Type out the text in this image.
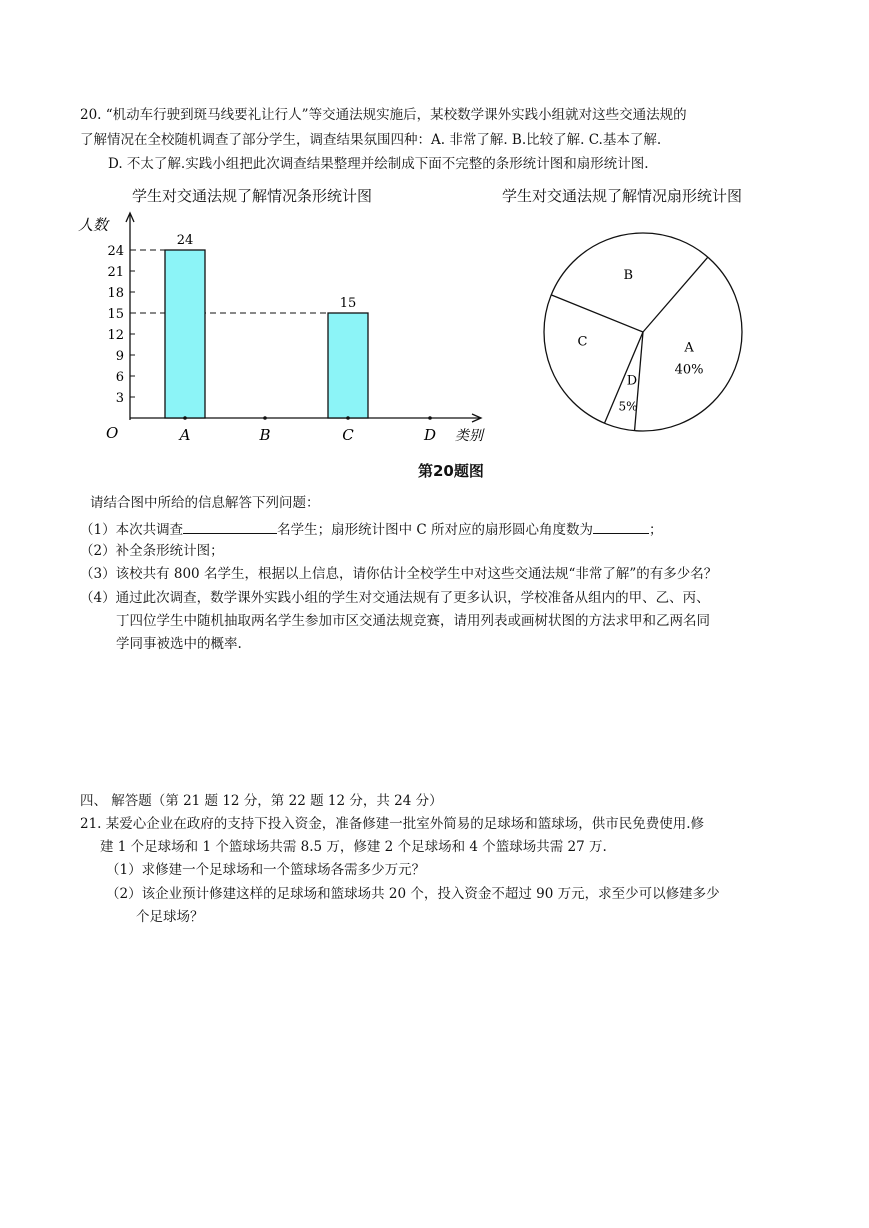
20. “机动车行驶到斑马线要礼让行人”等交通法规实施后，某校数学课外实践小组就对这些交通法规的
了解情况在全校随机调查了部分学生，调查结果氛围四种：A. 非常了解. B.比较了解. C.基本了解.
D. 不太了解.实践小组把此次调查结果整理并绘制成下面不完整的条形统计图和扇形统计图.
学生对交通法规了解情况条形统计图	学生对交通法规了解情况扇形统计图
人数
O	类别
3
6
9
12
15
18
21
24
24
A	B
15
C	D
A
40%
B
C
D
5%
第20题图
请结合图中所给的信息解答下列问题：
（1）本次共调查	名学生；扇形统计图中 C 所对应的扇形圆心角度数为	；
（2）补全条形统计图；
（3）该校共有 800 名学生，根据以上信息，请你估计全校学生中对这些交通法规“非常了解”的有多少名？
（4）通过此次调查，数学课外实践小组的学生对交通法规有了更多认识，学校准备从组内的甲、乙、丙、
丁四位学生中随机抽取两名学生参加市区交通法规竞赛，请用列表或画树状图的方法求甲和乙两名同
学同事被选中的概率.
四、 解答题（第 21 题 12 分，第 22 题 12 分，共 24 分）
21. 某爱心企业在政府的支持下投入资金，准备修建一批室外简易的足球场和篮球场，供市民免费使用.修
建 1 个足球场和 1 个篮球场共需 8.5 万，修建 2 个足球场和 4 个篮球场共需 27 万.
（1）求修建一个足球场和一个篮球场各需多少万元？
（2）该企业预计修建这样的足球场和篮球场共 20 个，投入资金不超过 90 万元，求至少可以修建多少
个足球场？
